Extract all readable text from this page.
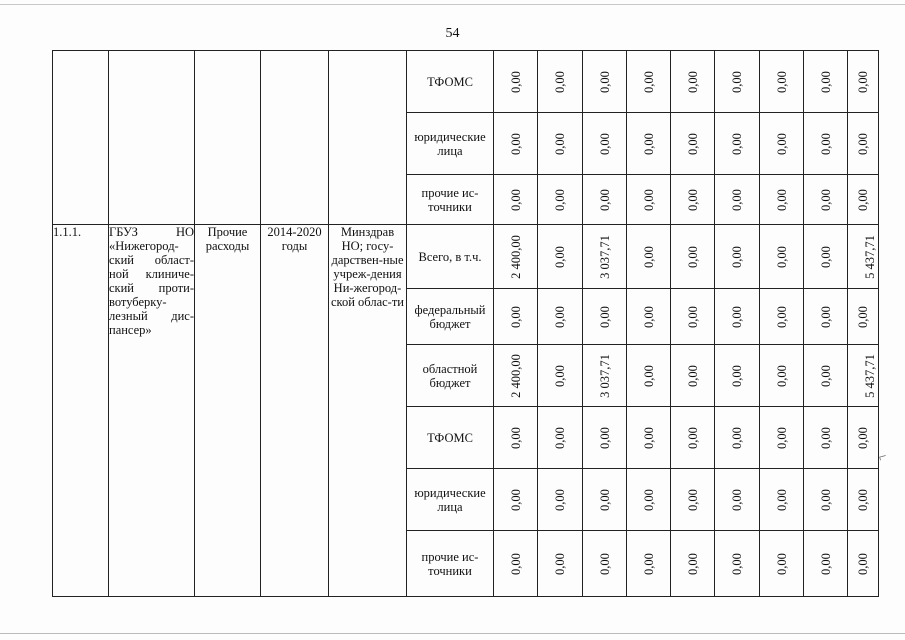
54
⌐
					ТФОМС	0,00	0,00	0,00	0,00	0,00	0,00	0,00	0,00	0,00
					юридические лица	0,00	0,00	0,00	0,00	0,00	0,00	0,00	0,00	0,00
					прочие ис-точники	0,00	0,00	0,00	0,00	0,00	0,00	0,00	0,00	0,00
1.1.1.	ГБУЗ НО «Нижегород-ский област-ной клиниче-ский проти-вотуберку-лезный дис-пансер»	Прочие расходы	2014-2020 годы	Минздрав НО; госу-дарствен-ные учреж-дения Ни-жегород-ской облас-ти	Всего, в т.ч.	2 400,00	0,00	3 037,71	0,00	0,00	0,00	0,00	0,00	5 437,71
					федеральный бюджет	0,00	0,00	0,00	0,00	0,00	0,00	0,00	0,00	0,00
					областной бюджет	2 400,00	0,00	3 037,71	0,00	0,00	0,00	0,00	0,00	5 437,71
					ТФОМС	0,00	0,00	0,00	0,00	0,00	0,00	0,00	0,00	0,00
					юридические лица	0,00	0,00	0,00	0,00	0,00	0,00	0,00	0,00	0,00
					прочие ис-точники	0,00	0,00	0,00	0,00	0,00	0,00	0,00	0,00	0,00
